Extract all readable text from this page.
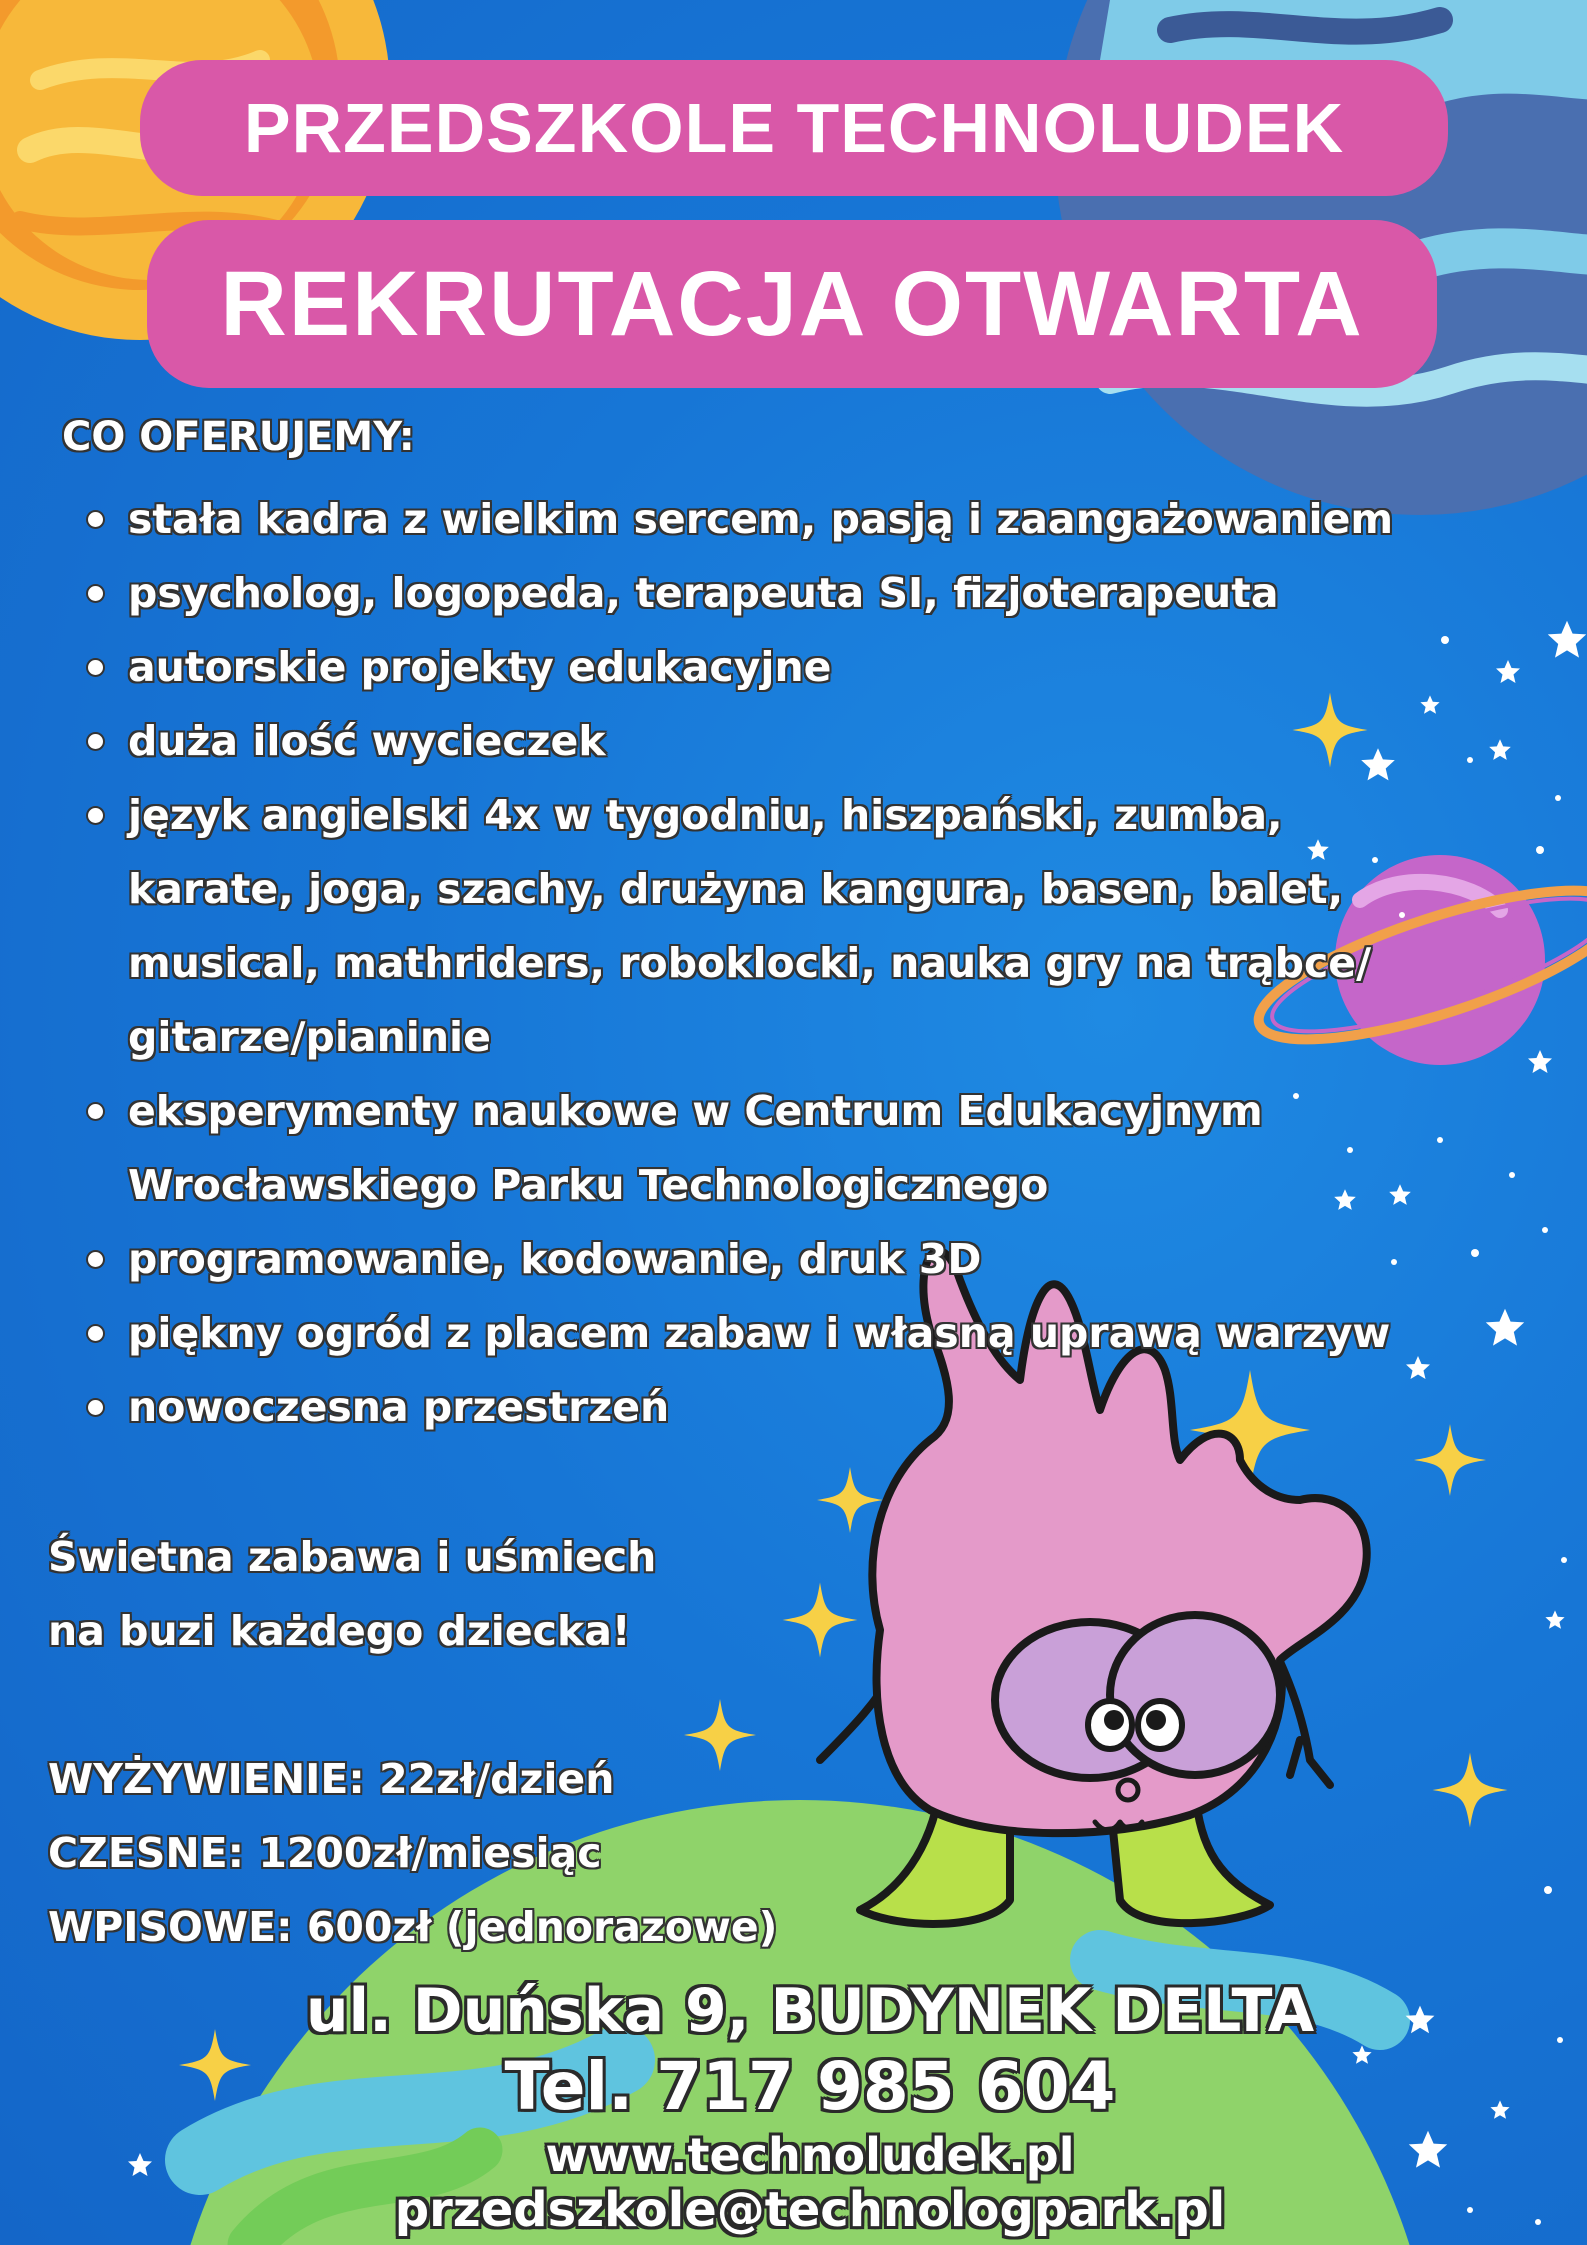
PRZEDSZKOLE TECHNOLUDEK
REKRUTACJA OTWARTA
CO OFERUJEMY:
stała kadra z wielkim sercem, pasją i zaangażowaniem
psycholog, logopeda, terapeuta SI, fizjoterapeuta
autorskie projekty edukacyjne
duża ilość wycieczek
język angielski 4x w tygodniu, hiszpański, zumba,
karate, joga, szachy, drużyna kangura, basen, balet,
musical, mathriders, roboklocki, nauka gry na trąbce/
gitarze/pianinie
eksperymenty naukowe w Centrum Edukacyjnym
Wrocławskiego Parku Technologicznego
programowanie, kodowanie, druk 3D
piękny ogród z placem zabaw i własną uprawą warzyw
nowoczesna przestrzeń
Świetna zabawa i uśmiech
na buzi każdego dziecka!
WYŻYWIENIE: 22zł/dzień
CZESNE: 1200zł/miesiąc
WPISOWE: 600zł (jednorazowe)
ul. Duńska 9, BUDYNEK DELTA
Tel. 717 985 604
www.technoludek.pl
przedszkole@technologpark.pl
